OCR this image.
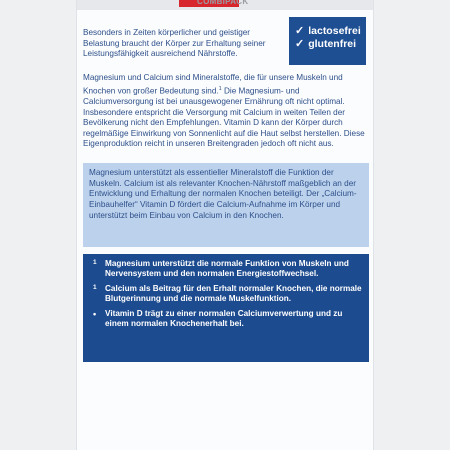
COMBIPACK

Besonders in Zeiten körperlicher und geistiger Belastung braucht der Körper zur Erhaltung seiner Leistungsfähigkeit ausreichend Nährstoffe.

✓ lactosefrei
✓ glutenfrei

Magnesium und Calcium sind Mineralstoffe, die für unsere Muskeln und Knochen von großer Bedeutung sind.$^1$ Die Magnesium- und Calciumversorgung ist bei unausgewogener Ernährung oft nicht optimal. Insbesondere entspricht die Versorgung mit Calcium in weiten Teilen der Bevölkerung nicht den Empfehlungen. Vitamin D kann der Körper durch regelmäßige Einwirkung von Sonnenlicht auf die Haut selbst herstellen. Diese Eigenproduktion reicht in unseren Breitengraden jedoch oft nicht aus.

Magnesium unterstützt als essentieller Mineralstoff die Funktion der Muskeln. Calcium ist als relevanter Knochen-Nährstoff maßgeblich an der Entwicklung und Erhaltung der normalen Knochen beteiligt. Der „Calcium-Einbauhelfer“ Vitamin D fördert die Calcium-Aufnahme im Körper und unterstützt beim Einbau von Calcium in den Knochen.

1	Magnesium unterstützt die normale Funktion von Muskeln und Nervensystem und den normalen Energiestoffwechsel.
1	Calcium als Beitrag für den Erhalt normaler Knochen, die normale Blutgerinnung und die normale Muskelfunktion.
•	Vitamin D trägt zu einer normalen Calciumverwertung und zu einem normalen Knochenerhalt bei.
